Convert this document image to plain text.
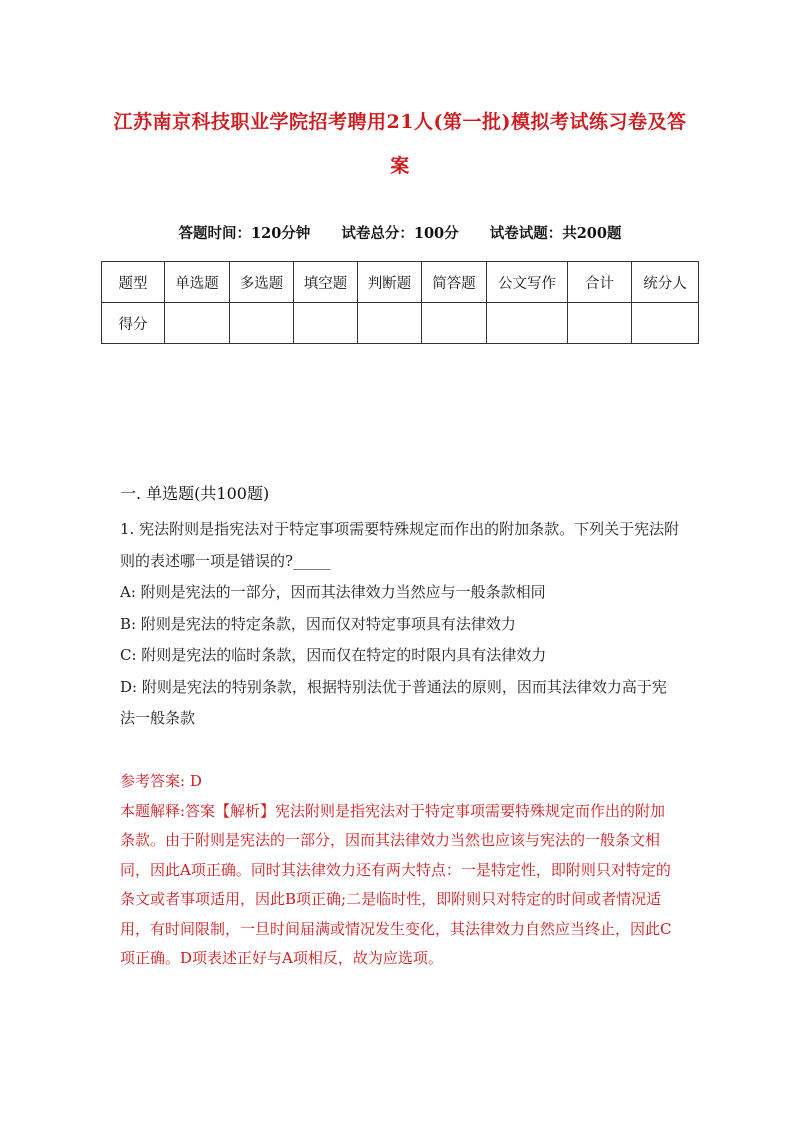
江苏南京科技职业学院招考聘用21人(第一批)模拟考试练习卷及答案
答题时间：120分钟 试卷总分：100分 试卷试题：共200题
题型	单选题	多选题	填空题	判断题	简答题	公文写作	合计	统分人
得分								
一. 单选题(共100题)

1. 宪法附则是指宪法对于特定事项需要特殊规定而作出的附加条款。下列关于宪法附则的表述哪一项是错误的?_____

A: 附则是宪法的一部分，因而其法律效力当然应与一般条款相同

B: 附则是宪法的特定条款，因而仅对特定事项具有法律效力

C: 附则是宪法的临时条款，因而仅在特定的时限内具有法律效力

D: 附则是宪法的特别条款，根据特别法优于普通法的原则，因而其法律效力高于宪法一般条款

参考答案: D

本题解释:答案【解析】宪法附则是指宪法对于特定事项需要特殊规定而作出的附加条款。由于附则是宪法的一部分，因而其法律效力当然也应该与宪法的一般条文相同，因此A项正确。同时其法律效力还有两大特点：一是特定性，即附则只对特定的条文或者事项适用，因此B项正确;二是临时性，即附则只对特定的时间或者情况适用，有时间限制，一旦时间届满或情况发生变化，其法律效力自然应当终止，因此C项正确。D项表述正好与A项相反，故为应选项。
